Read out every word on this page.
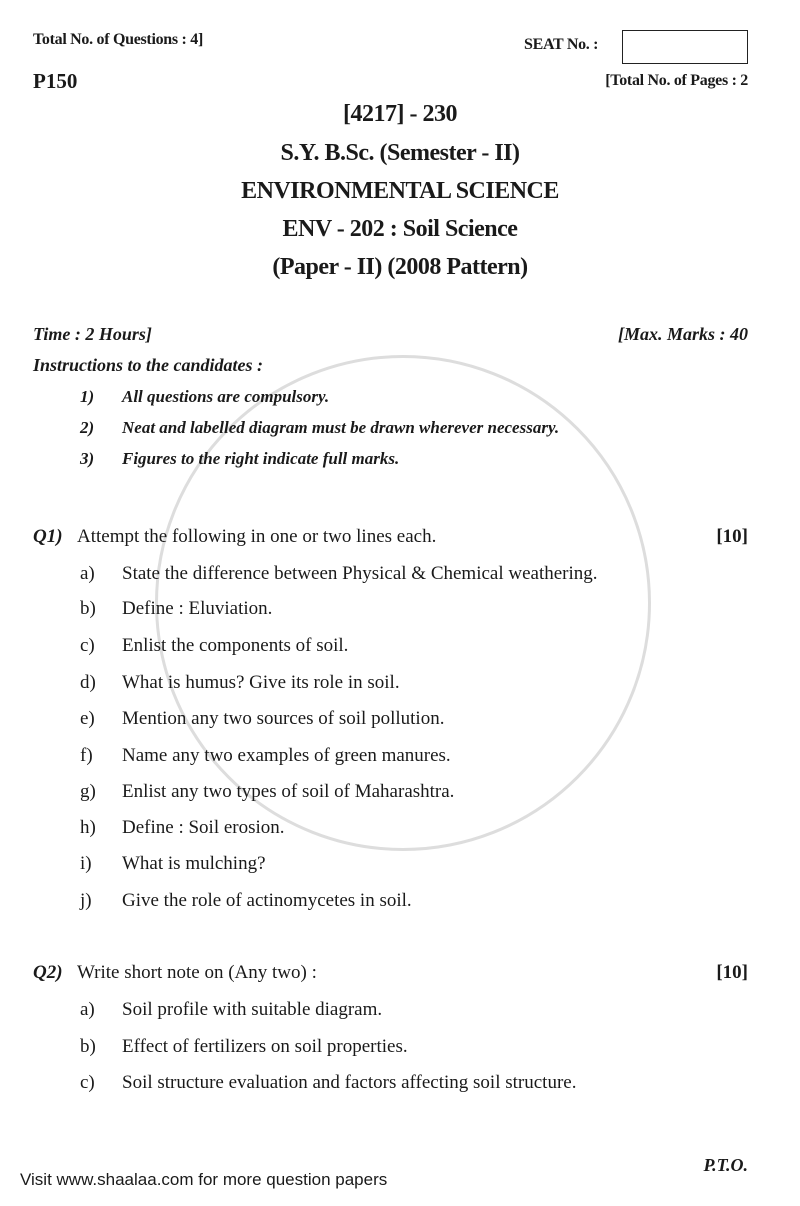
Total No. of Questions : 4]	SEAT No. :
P150	[Total No. of Pages : 2
[4217] - 230
S.Y. B.Sc. (Semester - II)
ENVIRONMENTAL SCIENCE
ENV - 202 : Soil Science
(Paper - II) (2008 Pattern)
Time : 2 Hours]	[Max. Marks : 40
Instructions to the candidates :
1) All questions are compulsory.
2) Neat and labelled diagram must be drawn wherever necessary.
3) Figures to the right indicate full marks.
Q1) Attempt the following in one or two lines each.	[10]
a) State the difference between Physical & Chemical weathering.
b) Define : Eluviation.
c) Enlist the components of soil.
d) What is humus? Give its role in soil.
e) Mention any two sources of soil pollution.
f) Name any two examples of green manures.
g) Enlist any two types of soil of Maharashtra.
h) Define : Soil erosion.
i) What is mulching?
j) Give the role of actinomycetes in soil.
Q2) Write short note on (Any two) :	[10]
a) Soil profile with suitable diagram.
b) Effect of fertilizers on soil properties.
c) Soil structure evaluation and factors affecting soil structure.
P.T.O.
Visit www.shaalaa.com for more question papers
